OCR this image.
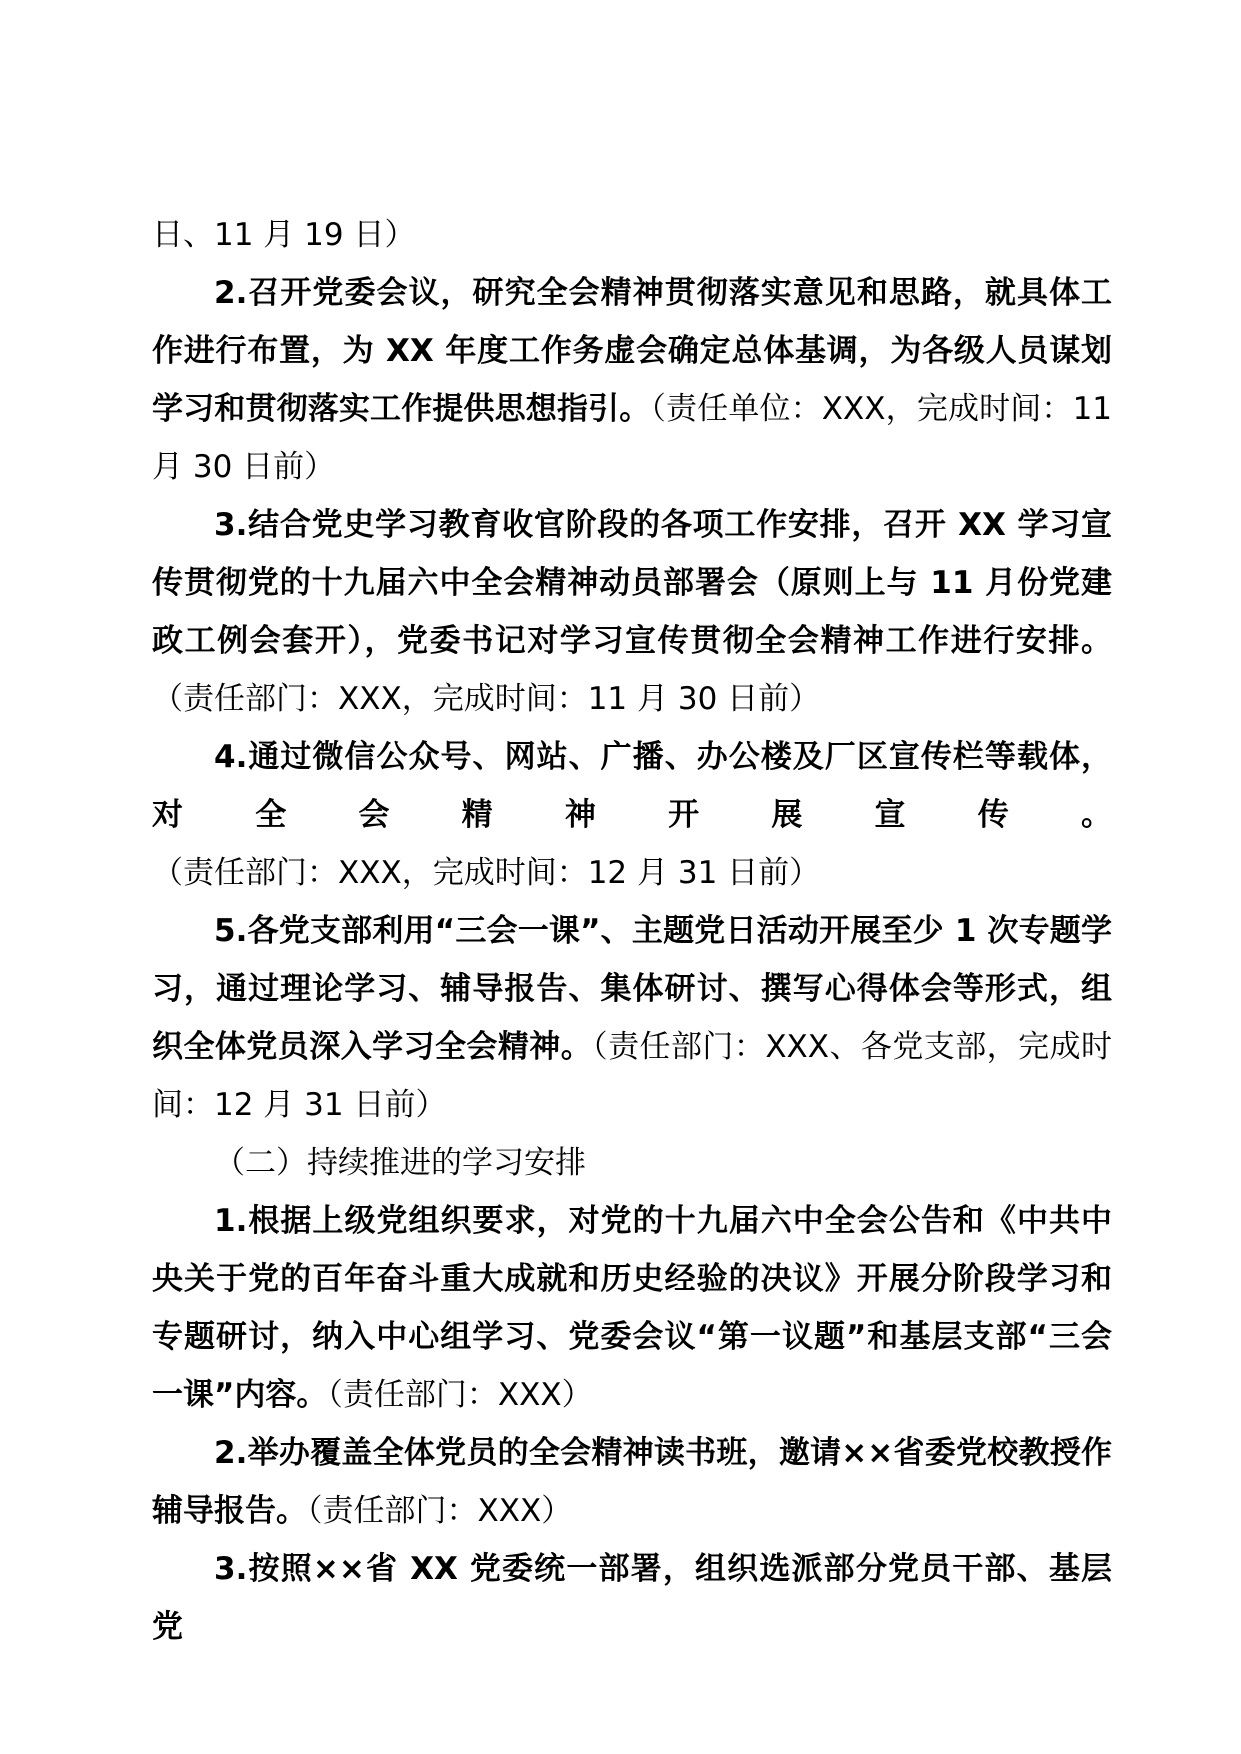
日、11 月 19 日）

2.召开党委会议，研究全会精神贯彻落实意见和思路，就具体工作进行布置，为 XX 年度工作务虚会确定总体基调，为各级人员谋划学习和贯彻落实工作提供思想指引。（责任单位：XXX，完成时间：11 月 30 日前）

3.结合党史学习教育收官阶段的各项工作安排，召开 XX 学习宣传贯彻党的十九届六中全会精神动员部署会（原则上与 11 月份党建政工例会套开），党委书记对学习宣传贯彻全会精神工作进行安排。（责任部门：XXX，完成时间：11 月 30 日前）

4.通过微信公众号、网站、广播、办公楼及厂区宣传栏等载体，对全会精神开展宣传。（责任部门：XXX，完成时间：12 月 31 日前）

5.各党支部利用“三会一课”、主题党日活动开展至少 1 次专题学习，通过理论学习、辅导报告、集体研讨、撰写心得体会等形式，组织全体党员深入学习全会精神。（责任部门：XXX、各党支部，完成时间：12 月 31 日前）

（二）持续推进的学习安排

1.根据上级党组织要求，对党的十九届六中全会公告和《中共中央关于党的百年奋斗重大成就和历史经验的决议》开展分阶段学习和专题研讨，纳入中心组学习、党委会议“第一议题”和基层支部“三会一课”内容。（责任部门：XXX）

2.举办覆盖全体党员的全会精神读书班，邀请××省委党校教授作辅导报告。（责任部门：XXX）

3.按照××省 XX 党委统一部署，组织选派部分党员干部、基层党
